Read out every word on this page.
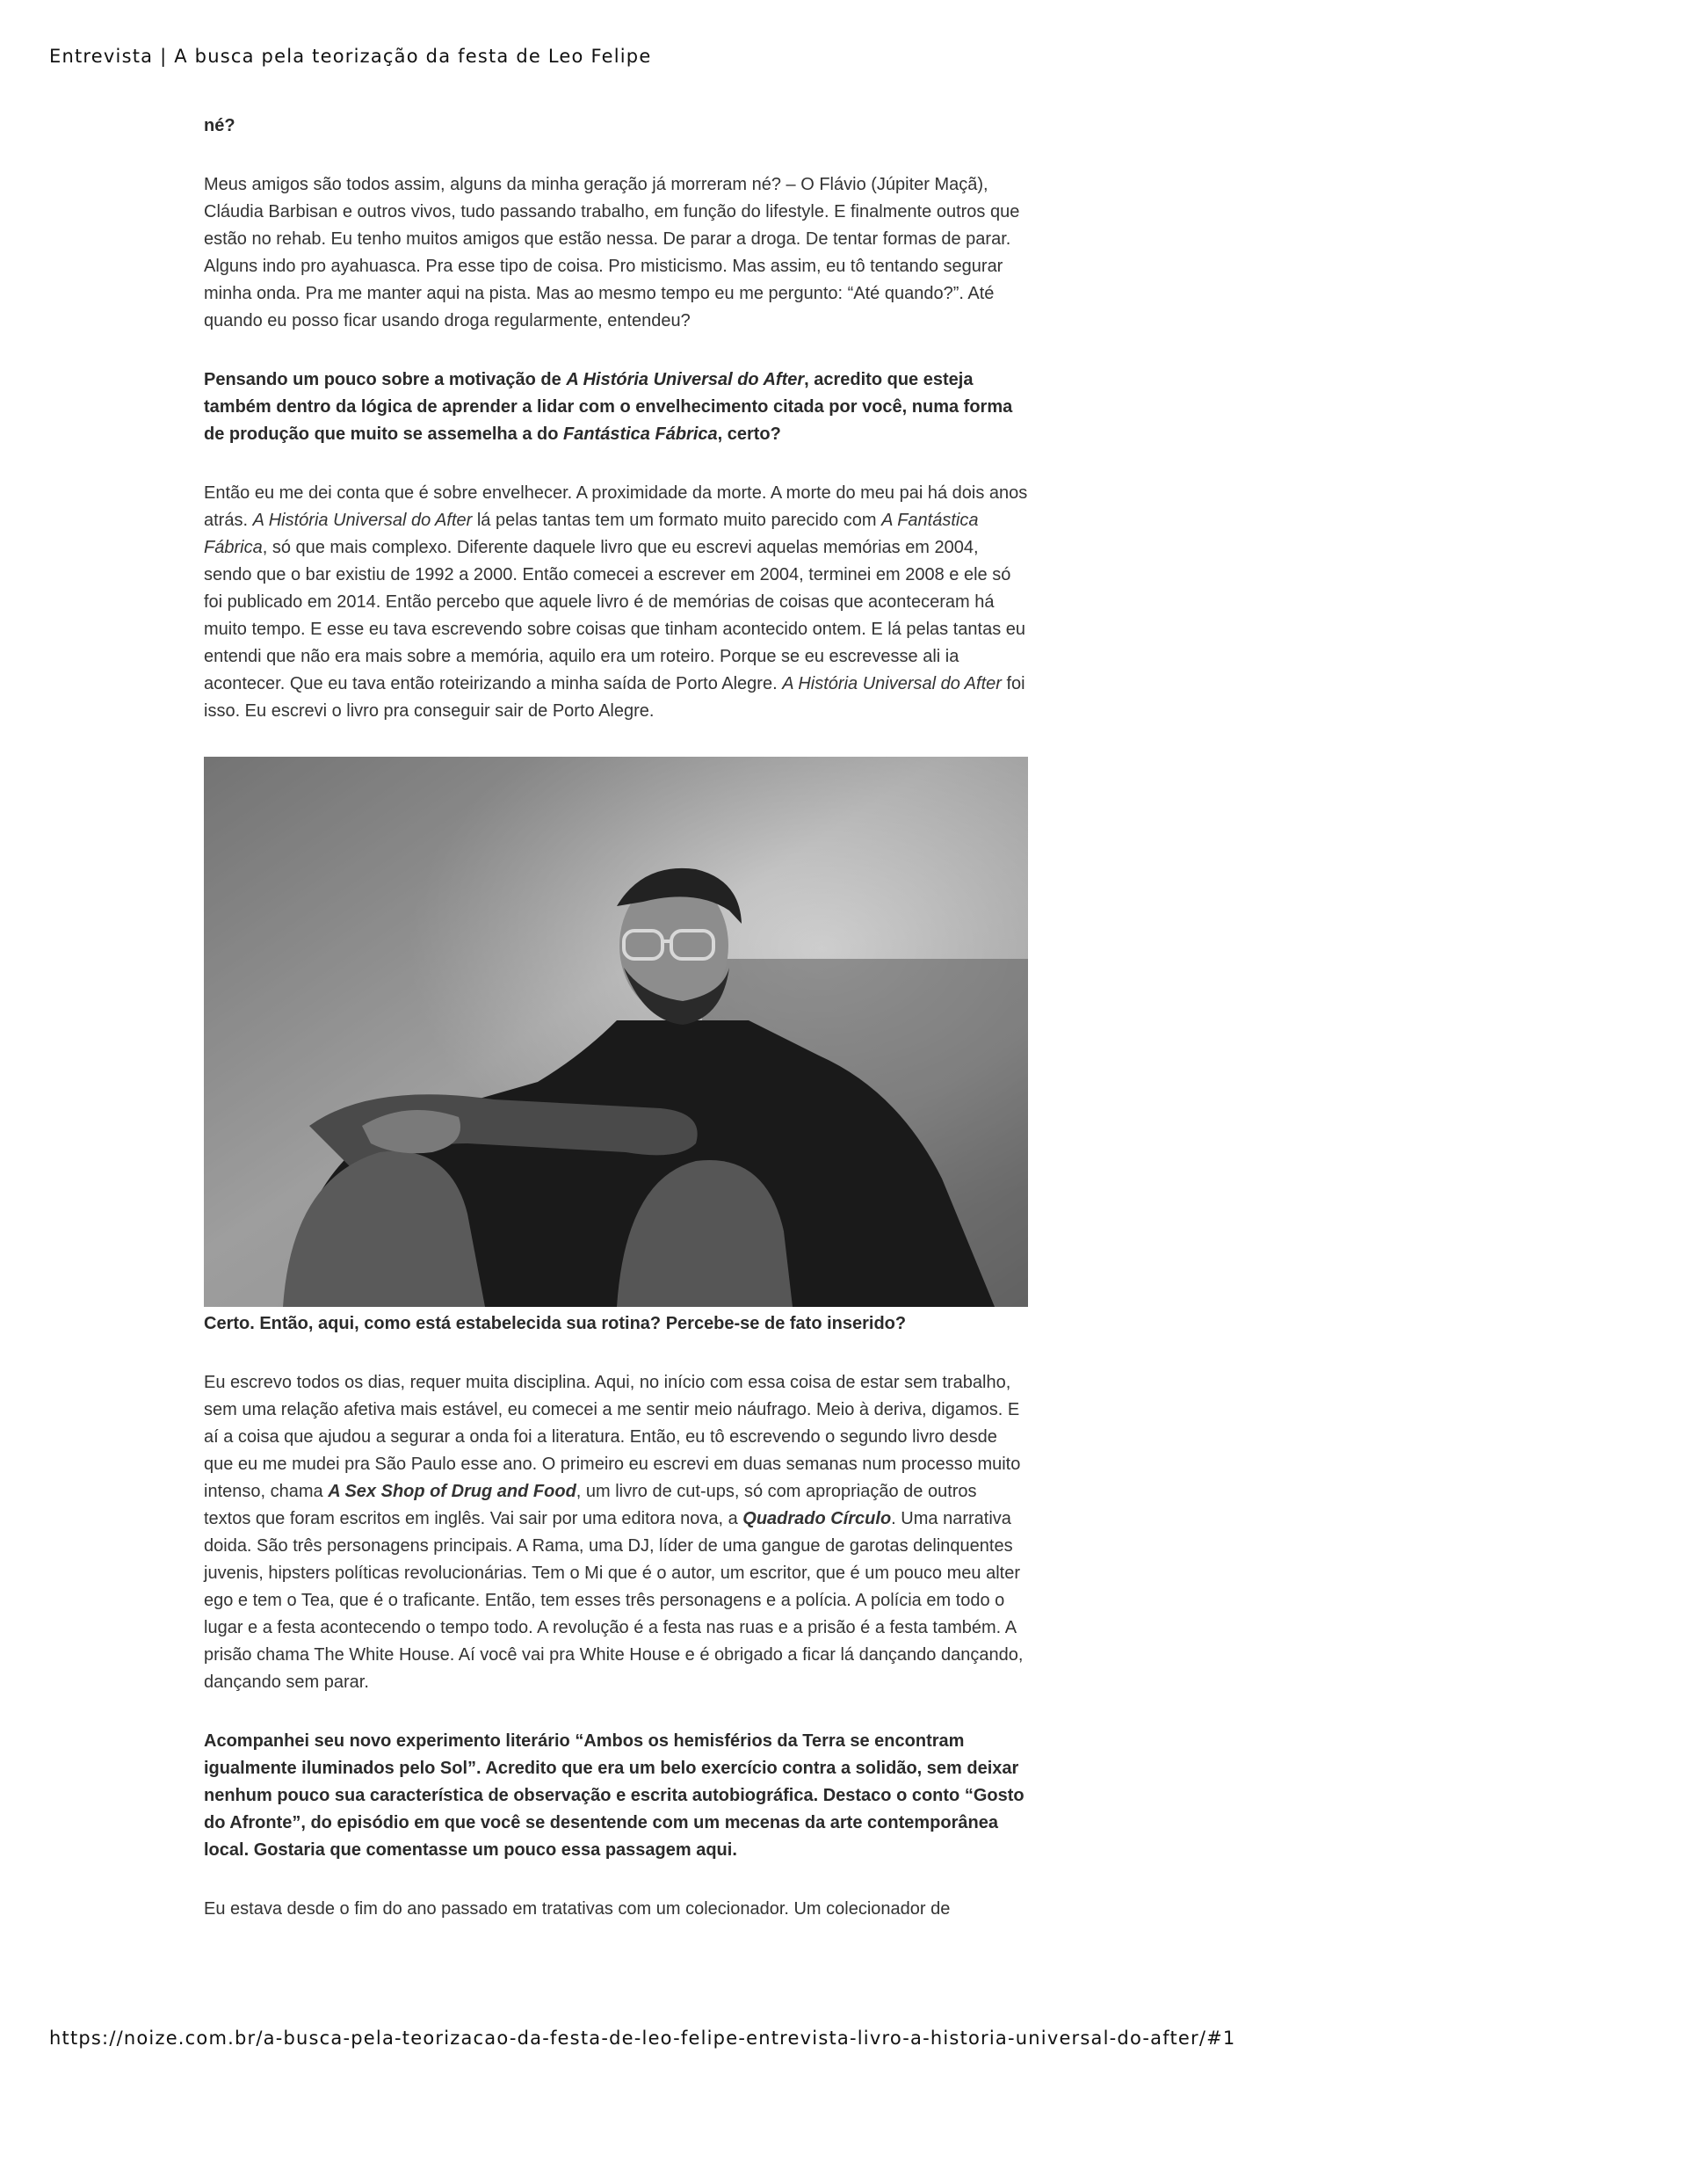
Entrevista | A busca pela teorização da festa de Leo Felipe

né?

Meus amigos são todos assim, alguns da minha geração já morreram né? – O Flávio (Júpiter Maçã), Cláudia Barbisan e outros vivos, tudo passando trabalho, em função do lifestyle. E finalmente outros que estão no rehab. Eu tenho muitos amigos que estão nessa. De parar a droga. De tentar formas de parar. Alguns indo pro ayahuasca. Pra esse tipo de coisa. Pro misticismo. Mas assim, eu tô tentando segurar minha onda. Pra me manter aqui na pista. Mas ao mesmo tempo eu me pergunto: “Até quando?”. Até quando eu posso ficar usando droga regularmente, entendeu?

Pensando um pouco sobre a motivação de A História Universal do After, acredito que esteja também dentro da lógica de aprender a lidar com o envelhecimento citada por você, numa forma de produção que muito se assemelha a do Fantástica Fábrica, certo?

Então eu me dei conta que é sobre envelhecer. A proximidade da morte. A morte do meu pai há dois anos atrás. A História Universal do After lá pelas tantas tem um formato muito parecido com A Fantástica Fábrica, só que mais complexo. Diferente daquele livro que eu escrevi aquelas memórias em 2004, sendo que o bar existiu de 1992 a 2000. Então comecei a escrever em 2004, terminei em 2008 e ele só foi publicado em 2014. Então percebo que aquele livro é de memórias de coisas que aconteceram há muito tempo. E esse eu tava escrevendo sobre coisas que tinham acontecido ontem. E lá pelas tantas eu entendi que não era mais sobre a memória, aquilo era um roteiro. Porque se eu escrevesse ali ia acontecer. Que eu tava então roteirizando a minha saída de Porto Alegre. A História Universal do After foi isso. Eu escrevi o livro pra conseguir sair de Porto Alegre.

Certo. Então, aqui, como está estabelecida sua rotina? Percebe-se de fato inserido?

Eu escrevo todos os dias, requer muita disciplina. Aqui, no início com essa coisa de estar sem trabalho, sem uma relação afetiva mais estável, eu comecei a me sentir meio náufrago. Meio à deriva, digamos. E aí a coisa que ajudou a segurar a onda foi a literatura. Então, eu tô escrevendo o segundo livro desde que eu me mudei pra São Paulo esse ano. O primeiro eu escrevi em duas semanas num processo muito intenso, chama A Sex Shop of Drug and Food, um livro de cut-ups, só com apropriação de outros textos que foram escritos em inglês. Vai sair por uma editora nova, a Quadrado Círculo. Uma narrativa doida. São três personagens principais. A Rama, uma DJ, líder de uma gangue de garotas delinquentes juvenis, hipsters políticas revolucionárias. Tem o Mi que é o autor, um escritor, que é um pouco meu alter ego e tem o Tea, que é o traficante. Então, tem esses três personagens e a polícia. A polícia em todo o lugar e a festa acontecendo o tempo todo. A revolução é a festa nas ruas e a prisão é a festa também. A prisão chama The White House. Aí você vai pra White House e é obrigado a ficar lá dançando dançando, dançando sem parar.

Acompanhei seu novo experimento literário “Ambos os hemisférios da Terra se encontram igualmente iluminados pelo Sol”. Acredito que era um belo exercício contra a solidão, sem deixar nenhum pouco sua característica de observação e escrita autobiográfica. Destaco o conto “Gosto do Afronte”, do episódio em que você se desentende com um mecenas da arte contemporânea local. Gostaria que comentasse um pouco essa passagem aqui.

Eu estava desde o fim do ano passado em tratativas com um colecionador. Um colecionador de

https://noize.com.br/a-busca-pela-teorizacao-da-festa-de-leo-felipe-entrevista-livro-a-historia-universal-do-after/#1
